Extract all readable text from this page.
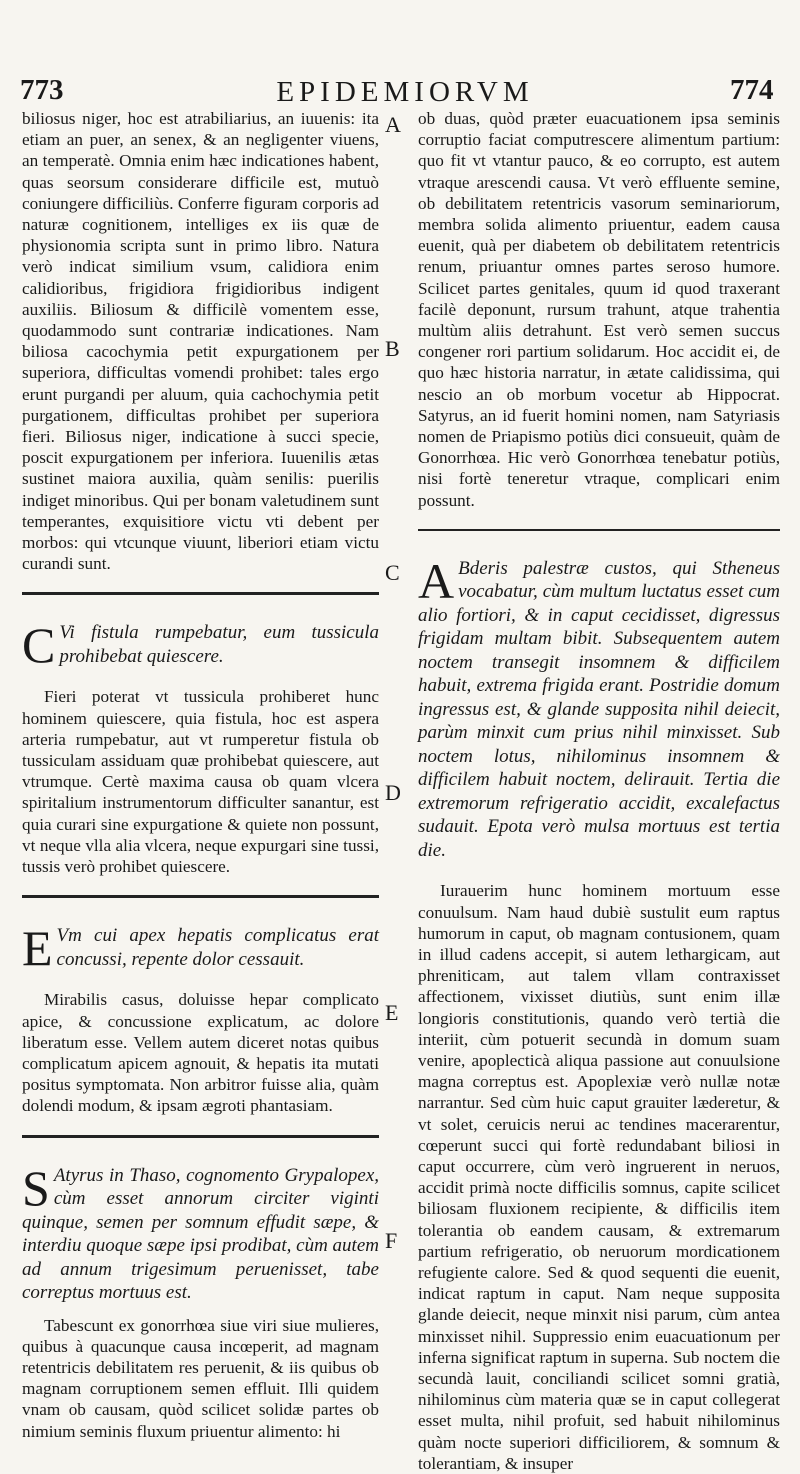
773	EPIDEMIORVM	774
A
B
C
D
E
F

biliosus niger, hoc est atrabiliarius, an iuuenis: ita etiam an puer, an senex, & an negligenter viuens, an temperatè. Omnia enim hæc indicationes habent, quas seorsum considerare difficile est, mutuò coniungere difficiliùs. Conferre figuram corporis ad naturæ cognitionem, intelliges ex iis quæ de physionomia scripta sunt in primo libro. Natura verò indicat similium vsum, calidiora enim calidioribus, frigidiora frigidioribus indigent auxiliis. Biliosum & difficilè vomentem esse, quodammodo sunt contrariæ indicationes. Nam biliosa cacochymia petit expurgationem per superiora, difficultas vomendi prohibet: tales ergo erunt purgandi per aluum, quia cachochymia petit purgationem, difficultas prohibet per superiora fieri. Biliosus niger, indicatione à succi specie, poscit expurgationem per inferiora. Iuuenilis ætas sustinet maiora auxilia, quàm senilis: puerilis indiget minoribus. Qui per bonam valetudinem sunt temperantes, exquisitiore victu vti debent per morbos: qui vtcunque viuunt, liberiori etiam victu curandi sunt.

C Vi fistula rumpebatur, eum tussicula prohibebat quiescere.

Fieri poterat vt tussicula prohiberet hunc hominem quiescere, quia fistula, hoc est aspera arteria rumpebatur, aut vt rumperetur fistula ob tussiculam assiduam quæ prohibebat quiescere, aut vtrumque. Certè maxima causa ob quam vlcera spiritalium instrumentorum difficulter sanantur, est quia curari sine expurgatione & quiete non possunt, vt neque vlla alia vlcera, neque expurgari sine tussi, tussis verò prohibet quiescere.

E Vm cui apex hepatis complicatus erat concussi, repente dolor cessauit.

Mirabilis casus, doluisse hepar complicato apice, & concussione explicatum, ac dolore liberatum esse. Vellem autem diceret notas quibus complicatum apicem agnouit, & hepatis ita mutati positus symptomata. Non arbitror fuisse alia, quàm dolendi modum, & ipsam ægroti phantasiam.

S Atyrus in Thaso, cognomento Grypalopex, cùm esset annorum circiter viginti quinque, semen per somnum effudit sæpe, & interdiu quoque sæpe ipsi prodibat, cùm autem ad annum trigesimum peruenisset, tabe correptus mortuus est.

Tabescunt ex gonorrhœa siue viri siue mulieres, quibus à quacunque causa incœperit, ad magnam retentricis debilitatem res peruenit, & iis quibus ob magnam corruptionem semen effluit. Illi quidem vnam ob causam, quòd scilicet solidæ partes ob nimium seminis fluxum priuentur alimento: hi

ob duas, quòd præter euacuationem ipsa seminis corruptio faciat computrescere alimentum partium: quo fit vt vtantur pauco, & eo corrupto, est autem vtraque arescendi causa. Vt verò effluente semine, ob debilitatem retentricis vasorum seminariorum, membra solida alimento priuentur, eadem causa euenit, quà per diabetem ob debilitatem retentricis renum, priuantur omnes partes seroso humore. Scilicet partes genitales, quum id quod traxerant facilè deponunt, rursum trahunt, atque trahentia multùm aliis detrahunt. Est verò semen succus congener rori partium solidarum. Hoc accidit ei, de quo hæc historia narratur, in ætate calidissima, qui nescio an ob morbum vocetur ab Hippocrat. Satyrus, an id fuerit homini nomen, nam Satyriasis nomen de Priapismo potiùs dici consueuit, quàm de Gonorrhœa. Hic verò Gonorrhœa tenebatur potiùs, nisi fortè teneretur vtraque, complicari enim possunt.

A Bderis palestræ custos, qui Stheneus vocabatur, cùm multum luctatus esset cum alio fortiori, & in caput cecidisset, digressus frigidam multam bibit. Subsequentem autem noctem transegit insomnem & difficilem habuit, extrema frigida erant. Postridie domum ingressus est, & glande supposita nihil deiecit, parùm minxit cum prius nihil minxisset. Sub noctem lotus, nihilominus insomnem & difficilem habuit noctem, delirauit. Tertia die extremorum refrigeratio accidit, excalefactus sudauit. Epota verò mulsa mortuus est tertia die.

Iurauerim hunc hominem mortuum esse conuulsum. Nam haud dubiè sustulit eum raptus humorum in caput, ob magnam contusionem, quam in illud cadens accepit, si autem lethargicam, aut phreniticam, aut talem vllam contraxisset affectionem, vixisset diutiùs, sunt enim illæ longioris constitutionis, quando verò tertià die interiit, cùm potuerit secundà in domum suam venire, apoplecticà aliqua passione aut conuulsione magna correptus est. Apoplexiæ verò nullæ notæ narrantur. Sed cùm huic caput grauiter læderetur, & vt solet, ceruicis nerui ac tendines macerarentur, cœperunt succi qui fortè redundabant biliosi in caput occurrere, cùm verò ingruerent in neruos, accidit primà nocte difficilis somnus, capite scilicet biliosam fluxionem recipiente, & difficilis item tolerantia ob eandem causam, & extremarum partium refrigeratio, ob neruorum mordicationem refugiente calore. Sed & quod sequenti die euenit, indicat raptum in caput. Nam neque supposita glande deiecit, neque minxit nisi parum, cùm antea minxisset nihil. Suppressio enim euacuationum per inferna significat raptum in superna. Sub noctem die secundà lauit, conciliandi scilicet somni gratià, nihilominus cùm materia quæ se in caput collegerat esset multa, nihil profuit, sed habuit nihilominus quàm nocte superiori difficiliorem, & somnum & tolerantiam, & insuper
